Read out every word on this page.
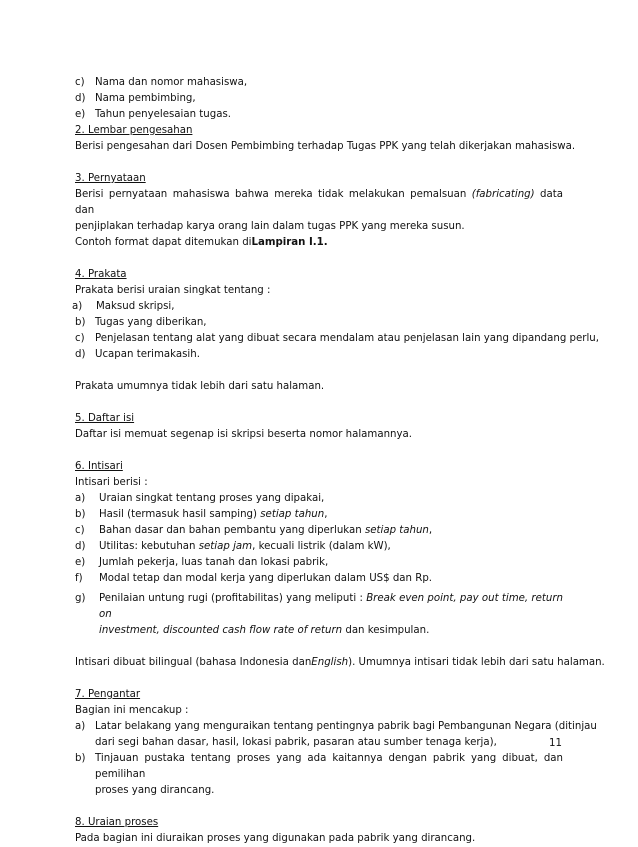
c)	Nama dan nomor mahasiswa,
d) Nama pembimbing,
e) Tahun penyelesaian tugas.
2. Lembar pengesahan
Berisi pengesahan dari Dosen Pembimbing terhadap Tugas PPK yang telah dikerjakan mahasiswa.
3. Pernyataan
Berisi pernyataan mahasiswa bahwa mereka tidak melakukan pemalsuan (fabricating) data dan
penjiplakan terhadap karya orang lain dalam tugas PPK yang mereka susun.
Contoh format dapat ditemukan di Lampiran I.1.
4. Prakata
Prakata berisi uraian singkat tentang :
a)	Maksud skripsi,
b) Tugas yang diberikan,
c)	Penjelasan tentang alat yang dibuat secara mendalam atau penjelasan lain yang dipandang perlu,
d) Ucapan terimakasih.
Prakata umumnya tidak lebih dari satu halaman.
5. Daftar isi
Daftar isi memuat segenap isi skripsi beserta nomor halamannya.
6. Intisari
Intisari berisi :
a)	Uraian singkat tentang proses yang dipakai,
b)	Hasil (termasuk hasil samping) setiap tahun,
c)	Bahan dasar dan bahan pembantu yang diperlukan setiap tahun,
d)	Utilitas: kebutuhan setiap jam, kecuali listrik (dalam kW),
e)	Jumlah pekerja, luas tanah dan lokasi pabrik,
f)	Modal tetap dan modal kerja yang diperlukan dalam US$ dan Rp.
g)	Penilaian untung rugi (profitabilitas) yang meliputi : Break even point, pay out time, return on
investment, discounted cash flow rate of return dan kesimpulan.
Intisari dibuat bilingual (bahasa Indonesia dan English ). Umumnya intisari tidak lebih dari satu halaman.
7. Pengantar
Bagian ini mencakup :
a) Latar belakang yang menguraikan tentang pentingnya pabrik bagi Pembangunan Negara (ditinjau
dari segi bahan dasar, hasil, lokasi pabrik, pasaran atau sumber tenaga kerja),
b) Tinjauan pustaka tentang proses yang ada kaitannya dengan pabrik yang dibuat, dan pemilihan
proses yang dirancang.
8. Uraian proses
Pada bagian ini diuraikan proses yang digunakan pada pabrik yang dirancang.
11
